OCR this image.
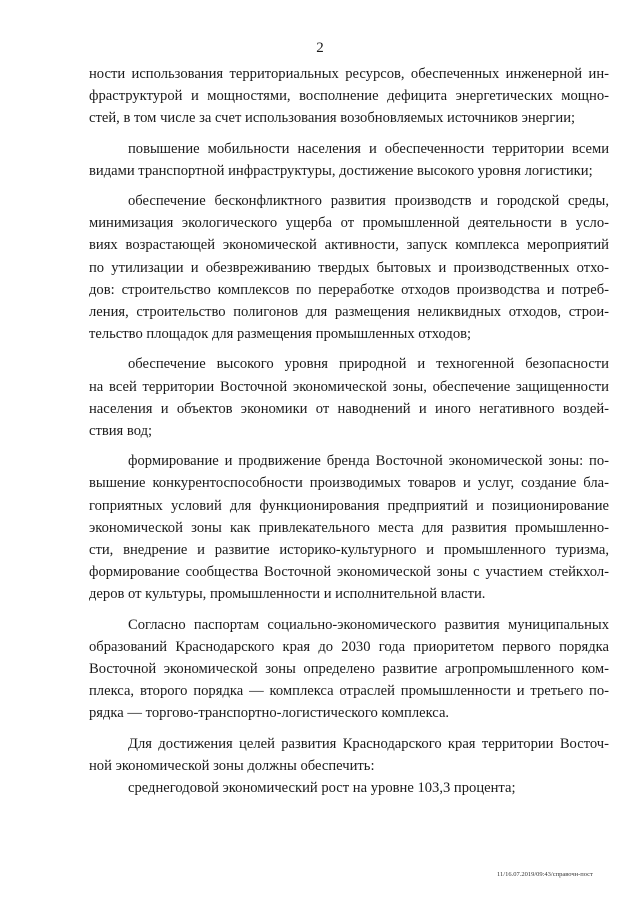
2
ности использования территориальных ресурсов, обеспеченных инженерной ин-
фраструктурой и мощностями, восполнение дефицита энергетических мощно-
стей, в том числе за счет использования возобновляемых источников энергии;
повышение мобильности населения и обеспеченности территории всеми
видами транспортной инфраструктуры, достижение высокого уровня логистики;
обеспечение бесконфликтного развития производств и городской среды,
минимизация экологического ущерба от промышленной деятельности в усло-
виях возрастающей экономической активности, запуск комплекса мероприятий
по утилизации и обезвреживанию твердых бытовых и производственных отхо-
дов: строительство комплексов по переработке отходов производства и потреб-
ления, строительство полигонов для размещения неликвидных отходов, строи-
тельство площадок для размещения промышленных отходов;
обеспечение высокого уровня природной и техногенной безопасности
на всей территории Восточной экономической зоны, обеспечение защищенности
населения и объектов экономики от наводнений и иного негативного воздей-
ствия вод;
формирование и продвижение бренда Восточной экономической зоны: по-
вышение конкурентоспособности производимых товаров и услуг, создание бла-
гоприятных условий для функционирования предприятий и позиционирование
экономической зоны как привлекательного места для развития промышленно-
сти, внедрение и развитие историко-культурного и промышленного туризма,
формирование сообщества Восточной экономической зоны с участием стейкхол-
деров от культуры, промышленности и исполнительной власти.
Согласно паспортам социально-экономического развития муниципальных
образований Краснодарского края до 2030 года приоритетом первого порядка
Восточной экономической зоны определено развитие агропромышленного ком-
плекса, второго порядка — комплекса отраслей промышленности и третьего по-
рядка — торгово-транспортно-логистического комплекса.
Для достижения целей развития Краснодарского края территории Восточ-
ной экономической зоны должны обеспечить:
среднегодовой экономический рост на уровне 103,3 процента;
11/16.07.2019/09:43/справочн-пост
